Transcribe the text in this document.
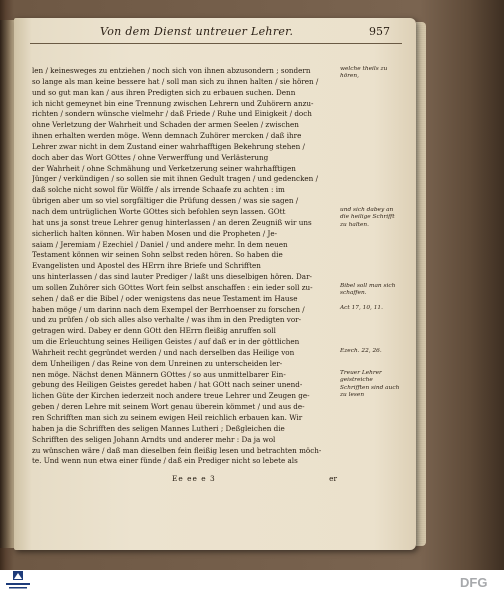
Von dem Dienst untreuer Lehrer.	957
len / keinesweges zu entziehen / noch sich von ihnen abzusondern ; sondern
so lange als man keine bessere hat / soll man sich zu ihnen halten / sie hören /
und so gut man kan / aus ihren Predigten sich zu erbauen suchen. Denn
ich nicht gemeynet bin eine Trennung zwischen Lehrern und Zuhörern anzu-
richten / sondern wünsche vielmehr / daß Friede / Ruhe und Einigkeit / doch
ohne Verletzung der Wahrheit und Schaden der armen Seelen / zwischen
ihnen erhalten werden möge. Wenn demnach Zuhörer mercken / daß ihre
Lehrer zwar nicht in dem Zustand einer wahrhafftigen Bekehrung stehen /
doch aber das Wort GOttes / ohne Verwerffung und Verlästerung
der Wahrheit / ohne Schmähung und Verketzerung seiner wahrhafftigen
Jünger / verkündigen / so sollen sie mit ihnen Gedult tragen / und gedencken /
daß solche nicht sowol für Wölffe / als irrende Schaafe zu achten : im
übrigen aber um so viel sorgfältiger die Prüfung dessen / was sie sagen /
nach dem untrüglichen Worte GOttes sich befohlen seyn lassen. GOtt
hat uns ja sonst treue Lehrer genug hinterlassen / an deren Zeugniß wir uns
sicherlich halten können. Wir haben Mosen und die Propheten / Je-
saiam / Jeremiam / Ezechiel / Daniel / und andere mehr. In dem neuen
Testament können wir seinen Sohn selbst reden hören. So haben die
Evangelisten und Apostel des HErrn ihre Briefe und Schrifften
uns hinterlassen / das sind lauter Prediger / laßt uns dieselbigen hören. Dar-
um sollen Zuhörer sich GOttes Wort fein selbst anschaffen : ein ieder soll zu-
sehen / daß er die Bibel / oder wenigstens das neue Testament im Hause
haben möge / um darinn nach dem Exempel der Berrhoenser zu forschen /
und zu prüfen / ob sich alles also verhalte / was ihm in den Predigten vor-
getragen wird. Dabey er denn GOtt den HErrn fleißig anruffen soll
um die Erleuchtung seines Heiligen Geistes / auf daß er in der göttlichen
Wahrheit recht gegründet werden / und nach derselben das Heilige von
dem Unheiligen / das Reine von dem Unreinen zu unterscheiden ler-
nen möge. Nächst denen Männern GOttes / so aus unmittelbarer Ein-
gebung des Heiligen Geistes geredet haben / hat GOtt nach seiner unend-
lichen Güte der Kirchen iederzeit noch andere treue Lehrer und Zeugen ge-
geben / deren Lehre mit seinem Wort genau überein kömmet / und aus de-
ren Schrifften man sich zu seinem ewigen Heil reichlich erbauen kan. Wir
haben ja die Schrifften des seligen Mannes Lutheri ; Deßgleichen die
Schrifften des seligen Johann Arndts und anderer mehr : Da ja wol
zu wünschen wäre / daß man dieselben fein fleißig lesen und betrachten möch-
te. Und wenn nun etwa einer fünde / daß ein Prediger nicht so lebete als
welche theils zu hören,
und sich dabey an die heilige Schrifft zu halten.
Bibel soll man sich schaffen.
Act 17, 10, 11.
Ezech. 22, 26.
Treuer Lehrer geistreiche Schrifften sind auch zu lesen
Ee ee e 3	er
DFG
